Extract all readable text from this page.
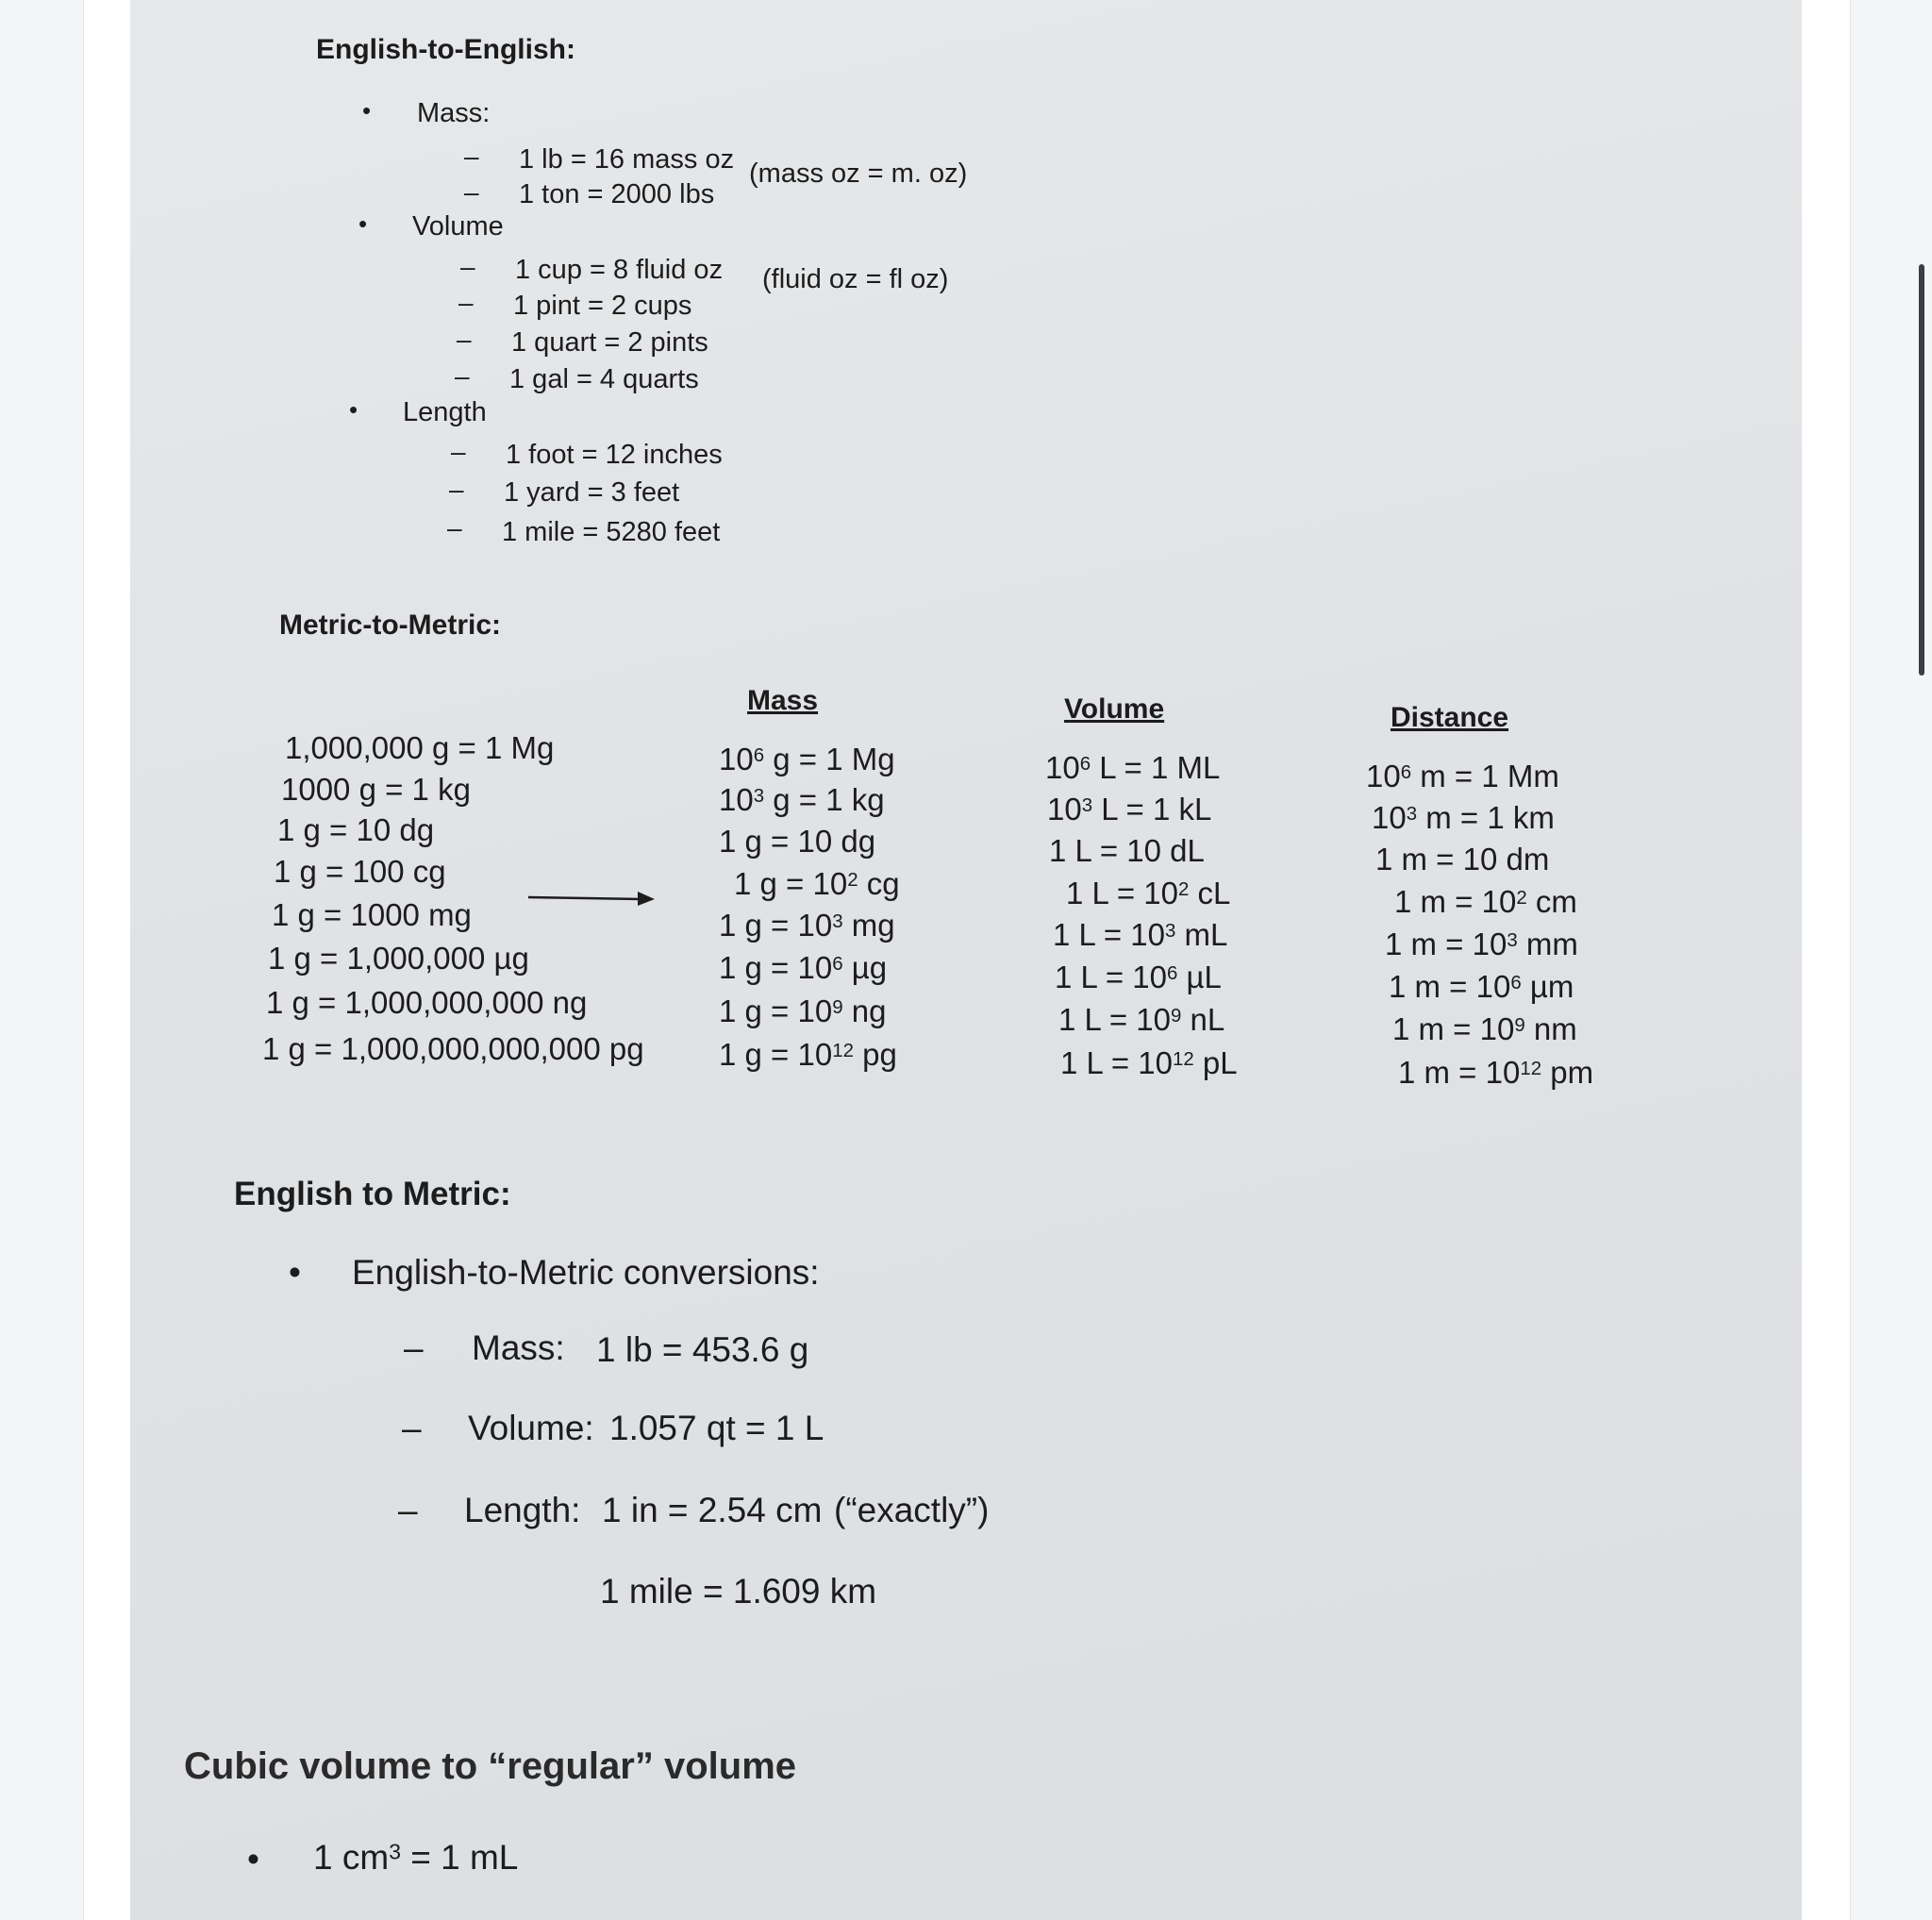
English-to-English:
• Mass:
– 1 lb = 16 mass oz (mass oz = m. oz)
– 1 ton = 2000 lbs
• Volume
– 1 cup = 8 fluid oz (fluid oz = fl oz)
– 1 pint = 2 cups
– 1 quart = 2 pints
– 1 gal = 4 quarts
• Length
– 1 foot = 12 inches
– 1 yard = 3 feet
– 1 mile = 5280 feet
Metric-to-Metric:
1,000,000 g = 1 Mg
1000 g = 1 kg
1 g = 10 dg
1 g = 100 cg
1 g = 1000 mg
1 g = 1,000,000 µg
1 g = 1,000,000,000 ng
1 g = 1,000,000,000,000 pg
Mass	Volume	Distance
$10^6$ g = 1 Mg
$10^3$ g = 1 kg
1 g = 10 dg
1 $g = 10^2$ cg
1 $g = 10^3$ mg
1 $g = 10^6$ µg
1 $g = 10^9$ ng
1 $g = 10^{12}$ pg
$10^6$ L = 1 ML
$10^3$ L = 1 kL
1 L = 10 dL
1 $L = 10^2$ cL
1 $L = 10^3$ mL
1 $L = 10^6$ µL
1 $L = 10^9$ nL
1 $L = 10^{12}$ pL
$10^6$ m = 1 Mm
$10^3$ m = 1 km
1 m = 10 dm
1 $m = 10^2$ cm
1 $m = 10^3$ mm
1 $m = 10^6$ µm
1 $m = 10^9$ nm
1 $m = 10^{12}$ pm
English to Metric:
• English-to-Metric conversions:
– Mass: 1 lb = 453.6 g
– Volume: 1.057 qt = 1 L
– Length: 1 in = 2.54 cm (“exactly”)
1 mile = 1.609 km
Cubic volume to “regular” volume
• 1 $cm^3 = 1$ mL
